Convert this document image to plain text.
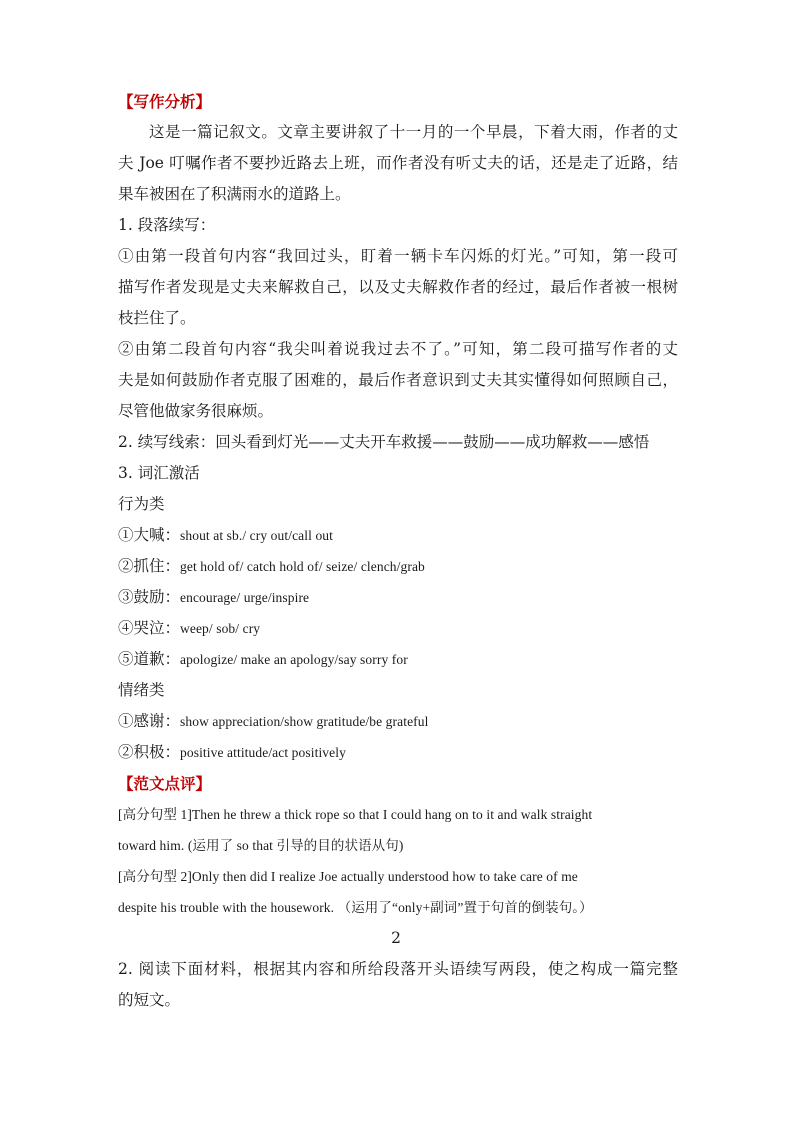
【写作分析】
这是一篇记叙文。文章主要讲叙了十一月的一个早晨，下着大雨，作者的丈
夫 Joe 叮嘱作者不要抄近路去上班，而作者没有听丈夫的话，还是走了近路，结
果车被困在了积满雨水的道路上。
1. 段落续写：
①由第一段首句内容“我回过头，盯着一辆卡车闪烁的灯光。”可知，第一段可
描写作者发现是丈夫来解救自己，以及丈夫解救作者的经过，最后作者被一根树
枝拦住了。
②由第二段首句内容“我尖叫着说我过去不了。”可知，第二段可描写作者的丈
夫是如何鼓励作者克服了困难的，最后作者意识到丈夫其实懂得如何照顾自己，
尽管他做家务很麻烦。
2. 续写线索：回头看到灯光——丈夫开车救援——鼓励——成功解救——感悟
3. 词汇激活
行为类
①大喊：shout at sb./ cry out/call out
②抓住：get hold of/ catch hold of/ seize/ clench/grab
③鼓励：encourage/ urge/inspire
④哭泣：weep/ sob/ cry
⑤道歉：apologize/ make an apology/say sorry for
情绪类
①感谢：show appreciation/show gratitude/be grateful
②积极：positive attitude/act positively
【范文点评】
[高分句型 1]Then he threw a thick rope so that I could hang on to it and walk straight
toward him. (运用了 so that 引导的目的状语从句)
[高分句型 2]Only then did I realize Joe actually understood how to take care of me
despite his trouble with the housework. （运用了“only+副词”置于句首的倒装句。）
2
2. 阅读下面材料，根据其内容和所给段落开头语续写两段，使之构成一篇完整
的短文。
